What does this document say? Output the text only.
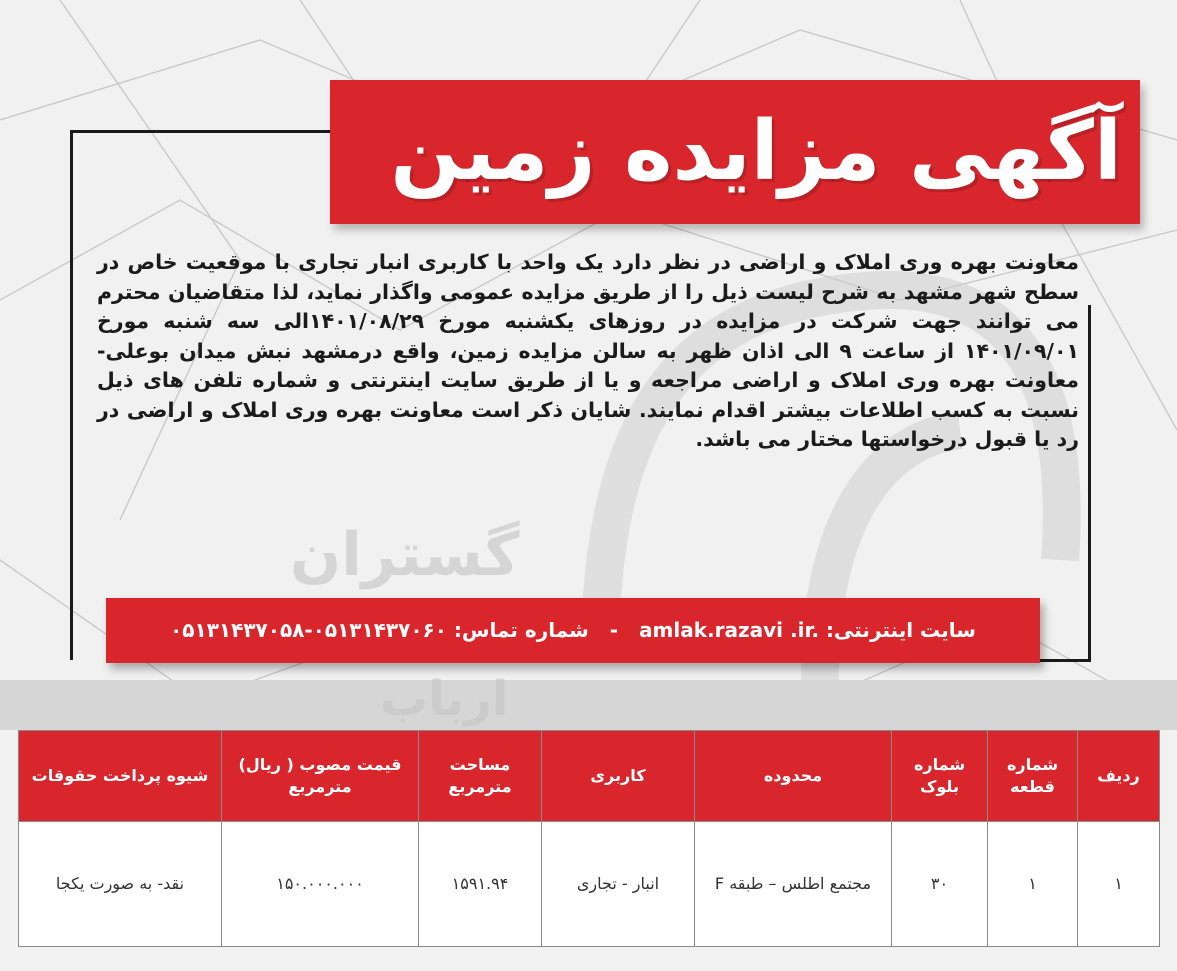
گستران
ارباب
آگهی مزایده زمین
معاونت بهره وری املاک و اراضی در نظر دارد یک واحد با کاربری انبار تجاری با موقعیت خاص در سطح شهر مشهد به شرح لیست ذیل را از طریق مزایده عمومی واگذار نماید، لذا متقاضیان محترم می توانند جهت شرکت در مزایده در روزهای یکشنبه مورخ ۱۴۰۱/۰۸/۲۹الی سه شنبه مورخ ۱۴۰۱/۰۹/۰۱ از ساعت ۹ الی اذان ظهر به سالن مزایده زمین، واقع درمشهد نبش میدان بوعلی- معاونت بهره وری املاک و اراضی مراجعه و یا از طریق سایت اینترنتی و شماره تلفن های ذیل نسبت به کسب اطلاعات بیشتر اقدام نمایند. شایان ذکر است معاونت بهره وری املاک و اراضی در رد یا قبول درخواستها مختار می باشد.
سایت اینترنتی: amlak.razavi .ir. - شماره تماس: ۰۵۱۳۱۴۳۷۰۵۸-۰۵۱۳۱۴۳۷۰۶۰
ردیف	شماره قطعه	شماره بلوک	محدوده	کاربری	مساحت مترمربع	قیمت مصوب ( ریال) مترمربع	شیوه پرداخت حقوقات
۱	۱	۳۰	مجتمع اطلس – طبقه F	انبار - تجاری	۱۵۹۱.۹۴	۱۵۰.۰۰۰.۰۰۰	نقد- به صورت یکجا
